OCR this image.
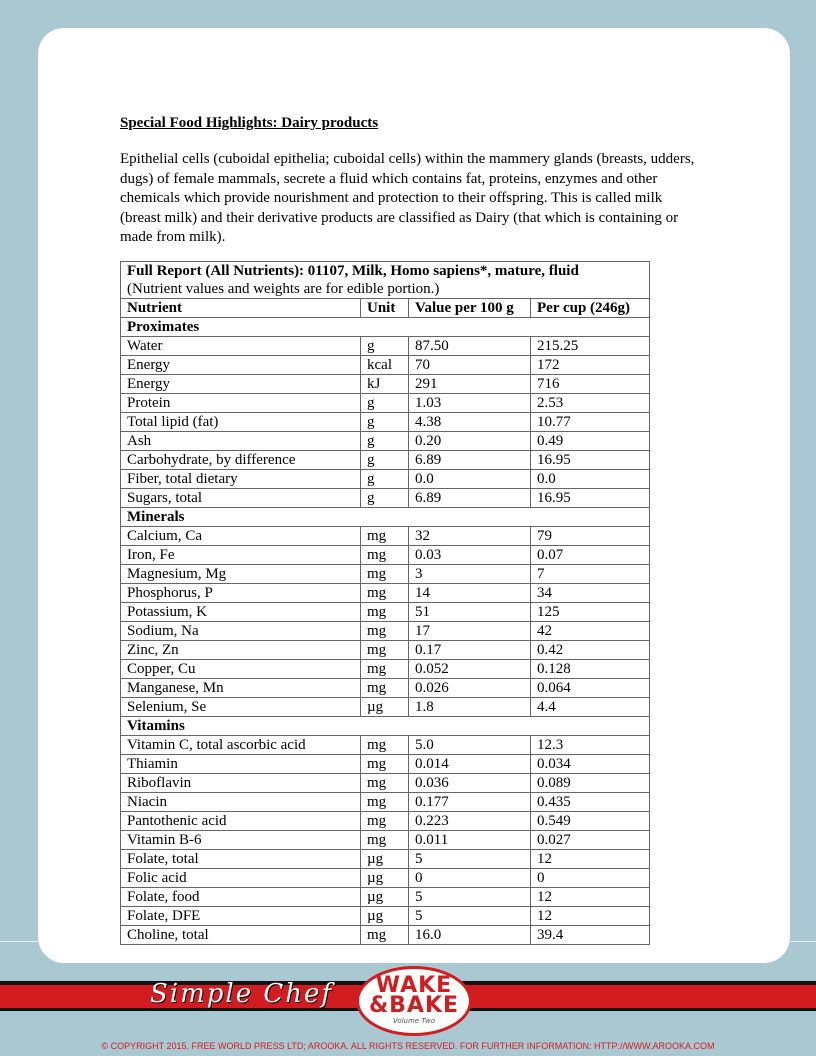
Special Food Highlights: Dairy products

Epithelial cells (cuboidal epithelia; cuboidal cells) within the mammery glands (breasts, udders, dugs) of female mammals, secrete a fluid which contains fat, proteins, enzymes and other chemicals which provide nourishment and protection to their offspring. This is called milk (breast milk) and their derivative products are classified as Dairy (that which is containing or made from milk).

Full Report (All Nutrients): 01107, Milk, Homo sapiens*, mature, fluid
(Nutrient values and weights are for edible portion.)			

Nutrient	Unit	Value per 100 g	Per cup (246g)
Proximates			
Water	g	87.50	215.25
Energy	kcal	70	172
Energy	kJ	291	716
Protein	g	1.03	2.53
Total lipid (fat)	g	4.38	10.77
Ash	g	0.20	0.49
Carbohydrate, by difference	g	6.89	16.95
Fiber, total dietary	g	0.0	0.0
Sugars, total	g	6.89	16.95
Minerals			
Calcium, Ca	mg	32	79
Iron, Fe	mg	0.03	0.07
Magnesium, Mg	mg	3	7
Phosphorus, P	mg	14	34
Potassium, K	mg	51	125
Sodium, Na	mg	17	42
Zinc, Zn	mg	0.17	0.42
Copper, Cu	mg	0.052	0.128
Manganese, Mn	mg	0.026	0.064
Selenium, Se	µg	1.8	4.4
Vitamins			
Vitamin C, total ascorbic acid	mg	5.0	12.3
Thiamin	mg	0.014	0.034
Riboflavin	mg	0.036	0.089
Niacin	mg	0.177	0.435
Pantothenic acid	mg	0.223	0.549
Vitamin B-6	mg	0.011	0.027
Folate, total	µg	5	12
Folic acid	µg	0	0
Folate, food	µg	5	12
Folate, DFE	µg	5	12
Choline, total	mg	16.0	39.4
Simple Chef	WAKE
&BAKE
Volume Two
© COPYRIGHT 2015. FREE WORLD PRESS LTD; AROOKA. ALL RIGHTS RESERVED. FOR FURTHER INFORMATION: HTTP://WWW.AROOKA.COM
